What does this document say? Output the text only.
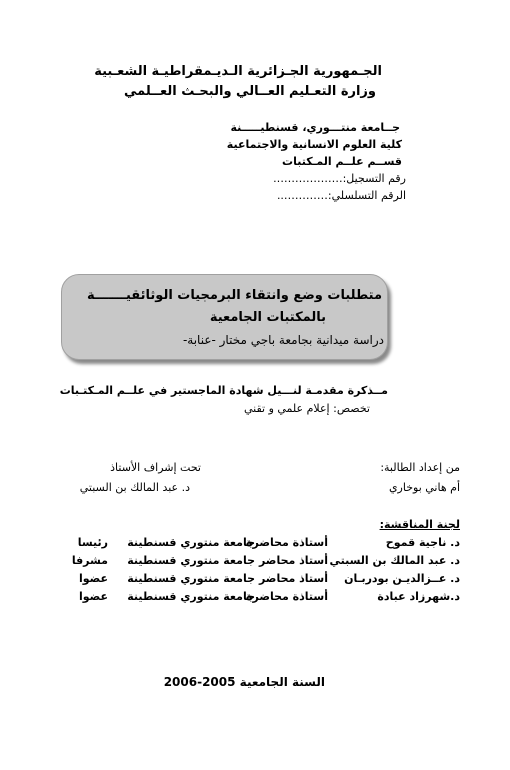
الجـمهورية الجـزائرية الـديـمقراطيـة الشعـبية
وزارة التعـليم العــالي والبحـث العــلمي
جــامعة منتـــوري، قسنطيـــــنة
كلية العلوم الانسانية والاجتماعية
قســم علــم المـكتبات
رقم التسجيل:……………….
الرقم التسلسلي:…………..
متطلبات وضع وانتقاء البرمجيات الوثائقيـــــــة
بالمكتبات الجامعية
دراسة ميدانية بجامعة باجي مختار -عنابة-
مــذكرة مقدمـة لنـــيل شهادة الماجستير في علــم المـكتـبات
تخصص: إعلام علمي و تقني
من إعداد الطالبة:
أم هاني بوخاري
تحت إشراف الأستاذ
د. عبد المالك بن السبتي
لجنة المناقشة:
د. ناجية قموح
أستاذة محاضرة
جامعة منتوري قسنطينة
رئيسا
د. عبد المالك بن السبتي
أستاذ محاضر
جامعة منتوري قسنطينة
مشرفا
د. عــزالديـن بودربـان
أستاذ محاضر
جامعة منتوري قسنطينة
عضوا
د.شهرزاد عبادة
أستاذة محاضرة
جامعة منتوري قسنطينة
عضوا
السنة الجامعية 2005-2006
